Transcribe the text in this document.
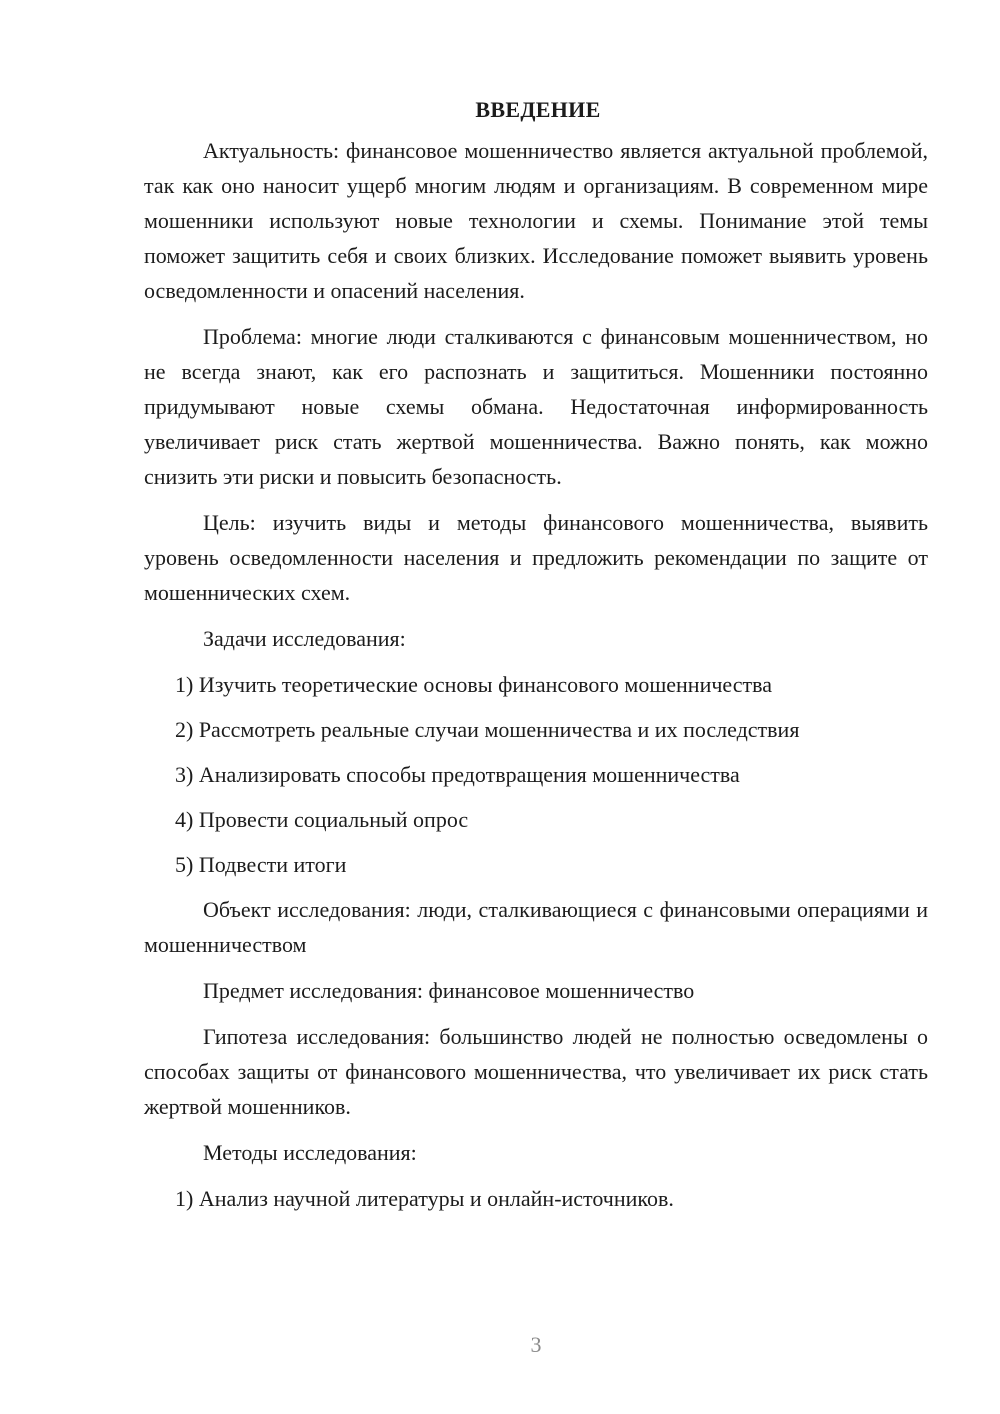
ВВЕДЕНИЕ

Актуальность: финансовое мошенничество является актуальной проблемой, так как оно наносит ущерб многим людям и организациям. В современном мире мошенники используют новые технологии и схемы. Понимание этой темы поможет защитить себя и своих близких. Исследование поможет выявить уровень осведомленности и опасений населения.

Проблема: многие люди сталкиваются с финансовым мошенничеством, но не всегда знают, как его распознать и защититься. Мошенники постоянно придумывают новые схемы обмана. Недостаточная информированность увеличивает риск стать жертвой мошенничества. Важно понять, как можно снизить эти риски и повысить безопасность.

Цель: изучить виды и методы финансового мошенничества, выявить уровень осведомленности населения и предложить рекомендации по защите от мошеннических схем.

Задачи исследования:

1) Изучить теоретические основы финансового мошенничества
2) Рассмотреть реальные случаи мошенничества и их последствия
3) Анализировать способы предотвращения мошенничества
4) Провести социальный опрос
5) Подвести итоги

Объект исследования: люди, сталкивающиеся с финансовыми операциями и мошенничеством

Предмет исследования: финансовое мошенничество

Гипотеза исследования: большинство людей не полностью осведомлены о способах защиты от финансового мошенничества, что увеличивает их риск стать жертвой мошенников.

Методы исследования:

1) Анализ научной литературы и онлайн-источников.
3
